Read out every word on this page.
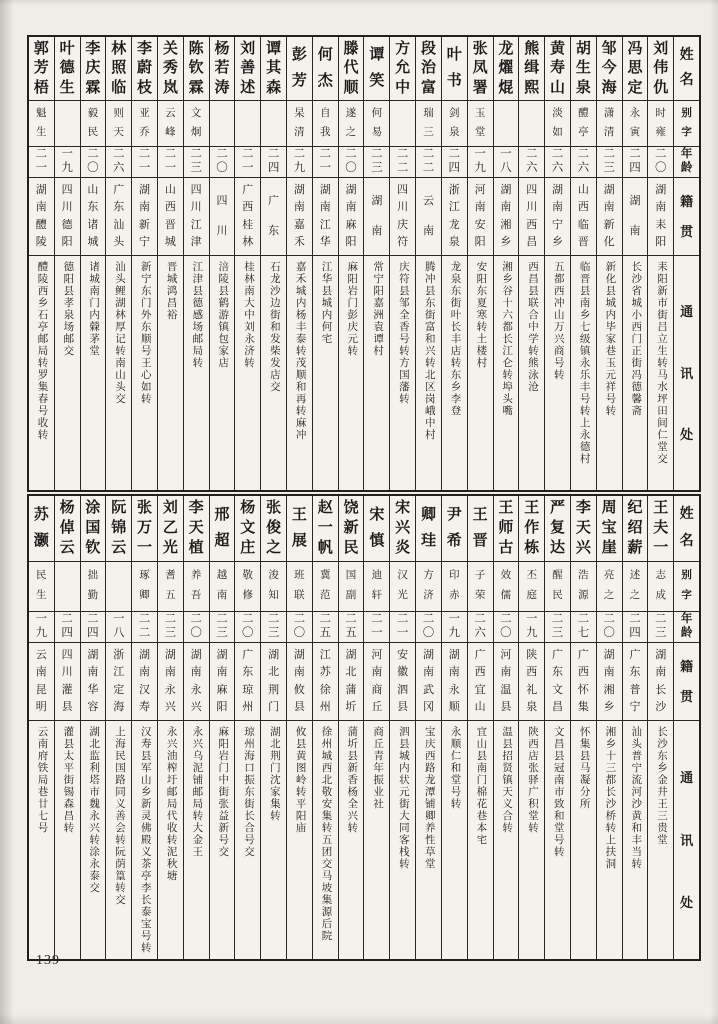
姓
名
别
字
年
龄
籍
贯
通
讯
处
刘
伟
仇
时
雍
二
〇
湖
南
耒
阳
耒阳新市街吕立生转马水坪田间仁堂交
冯
思
定
永
寅
二
四
湖
南
长沙省城小西门正街冯德馨斋
邹
今
海
潇
清
二
三
湖
南
新
化
新化县城内毕家巷玉元祥号转
胡
生
泉
醴
亭
二
六
山
西
临
晋
临晋县南乡七级镇永乐丰号转上永德村
黄
寿
山
淡
如
二
六
湖
南
宁
乡
五都西冲山万兴商号转
熊
缉
熙
二
六
四
川
西
昌
西昌县联合中学转熊泳沧
龙
燿
焜
一
八
湖
南
湘
乡
湘乡谷十六都长江仑转埠头嘴
张
凤
署
玉
堂
一
九
河
南
安
阳
安阳东夏寒转土楼村
叶
书
剑
泉
二
四
浙
江
龙
泉
龙泉东街叶长丰店转东乡李登
段
治
富
瑞
三
二
二
云
南
腾冲县东街富和兴转北区岗峨中村
方
允
中
二
二
四
川
庆
符
庆符县邹全香号转方国藩转
谭
笑
何
易
二
三
湖
南
常宁阳嘉洲袁谭村
滕
代
顺
遂
之
二
〇
湖
南
麻
阳
麻阳岩门彭庆元转
何
杰
自
我
二
一
湖
南
江
华
江华县城内何宅
彭
芳
杲
清
二
九
湖
南
嘉
禾
嘉禾城内杨丰泰转茂顺和再转麻冲
谭
其
森
二
四
广
东
石龙沙边街和发柴发店交
刘
善
述
二
一
广
西
桂
林
桂林南大中刘永济转
杨
若
涛
二
〇
四
川
涪陵县鹤游镇包家店
陈
钦
霖
文
炯
二
三
四
川
江
津
江津县德感场邮局转
关
秀
岚
云
峰
二
一
山
西
晋
城
晋城鸿昌裕
李
蔚
枝
亚
乔
二
一
湖
南
新
宁
新宁东门外东顺号王心如转
林
照
临
则
天
二
六
广
东
汕
头
汕头鲤湖林厚记转南山头交
李
庆
霖
毅
民
二
〇
山
东
诸
城
诸城南门内檾茅堂
叶
德
生
一
九
四
川
德
阳
德阳县孝泉场邮交
郭
芳
梧
魁
生
二
一
湖
南
醴
陵
醴陵西乡石亭邮局转罗集春号收转
姓
名
别
字
年
龄
籍
贯
通
讯
处
王
夫
一
志
成
二
三
湖
南
长
沙
长沙东乡金井王三贵堂
纪
绍
薪
述
之
二
四
广
东
普
宁
汕头普宁流河沙黄和丰当转
周
宝
崖
亮
之
二
〇
湖
南
湘
乡
湘乡十三都长沙桥转上扶洞
李
天
兴
浩
源
二
七
广
西
怀
集
怀集县马凝分所
严
复
达
醒
民
二
三
广
东
文
昌
文昌县冠南市致和堂号转
王
作
栋
丕
庭
一
九
陕
西
礼
泉
陕西店张驿广积堂转
王
师
古
效
儒
二
〇
河
南
温
县
温县招贤镇天义合转
王
晋
子
荣
二
六
广
西
宜
山
宜山县南门棉花巷本宅
尹
希
印
赤
一
九
湖
南
永
顺
永顺仁和堂号转
卿
珪
方
济
二
〇
湖
南
武
冈
宝庆西路龙潭铺卿养性草堂
宋
兴
炎
汉
光
二
一
安
徽
泗
县
泗县城内状元街大同客栈转
宋
慎
迪
轩
二
一
河
南
商
丘
商丘青年振业社
饶
新
民
国
副
二
五
湖
北
蒲
圻
蒲圻县新香杨全兴转
赵
一
帆
冀
范
二
五
江
苏
徐
州
徐州城西北敬安集转五团交马坡集源后院
王
展
班
联
二
〇
湖
南
攸
县
攸县黄图岭转平阳庙
张
俊
之
浚
知
二
三
湖
北
荆
门
湖北荆门沈家集转
杨
文
庄
敬
修
二
〇
广
东
琼
州
琼州海口振东街长合号交
邢
超
越
南
二
三
湖
南
麻
阳
麻阳岩门中街张益新号交
李
天
植
养
吾
二
〇
湖
南
永
兴
永兴乌泥铺邮局转大金王
刘
乙
光
耆
五
二
三
湖
南
永
兴
永兴油榨圩邮局代收转泥秋塘
张
万
一
琢
卿
二
二
湖
南
汉
寿
汉寿县军山乡新灵佛殿义茶亭李长泰宝号转
阮
锦
云
一
八
浙
江
定
海
上海民国路同义善会转阮荫篁转交
涂
国
钦
拙
勤
二
四
湖
南
华
容
湖北监利塔市魏永兴转涂永泰交
杨
倬
云
二
四
四
川
灌
县
灌县太平街锡森昌转
苏
灏
民
生
一
九
云
南
昆
明
云南府铁局巷廿七号
139
